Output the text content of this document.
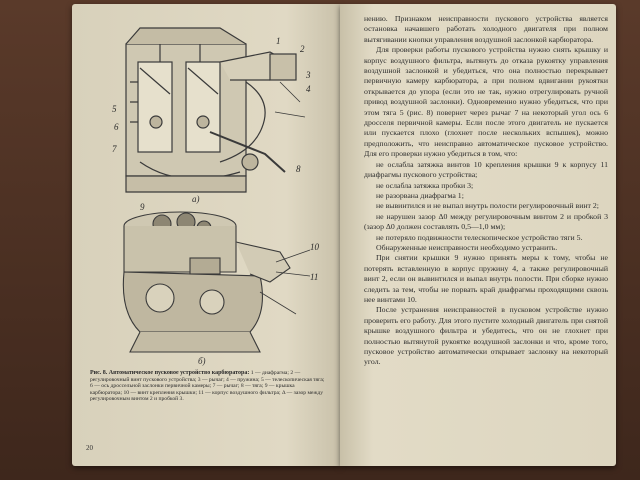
1
2
3
4
5
6
7
8
а)
9
10
11
б)
Рис. 8. Автоматическое пусковое устройство карбюратора: 1 — диафрагма; 2 — регулировочный винт пускового устройства; 3 — рычаг; 4 — пружина; 5 — телескопическая тяга; 6 — ось дроссельной заслонки первичной камеры; 7 — рычаг; 8 — тяга; 9 — крышка карбюратора; 10 — винт крепления крышки; 11 — корпус воздушного фильтра; Δ — зазор между регулировочным винтом 2 и пробкой 3.
20

нению. Признаком неисправности пускового устройства является остановка начавшего работать холодного двигателя при полном вытягивании кнопки управления воздушной заслонкой карбюратора.

Для проверки работы пускового устройства нужно снять крышку и корпус воздушного фильтра, вытянуть до отказа рукоятку управления воздушной заслонкой и убедиться, что она полностью перекрывает первичную камеру карбюратора, а при полном вдвигании рукоятки открывается до упора (если это не так, нужно отрегулировать ручной привод воздушной заслонки). Одновременно нужно убедиться, что при этом тяга 5 (рис. 8) повернет через рычаг 7 на некоторый угол ось 6 дросселя первичной камеры. Если после этого двигатель не пускается или пускается плохо (глохнет после нескольких вспышек), можно предположить, что неисправно автоматическое пусковое устройство. Для его проверки нужно убедиться в том, что:

не ослабла затяжка винтов 10 крепления крышки 9 к корпусу 11 диафрагмы пускового устройства;

не ослабла затяжка пробки 3;

не разорвана диафрагма 1;

не вывинтился и не выпал внутрь полости регулировочный винт 2;

не нарушен зазор Δ0 между регулировочным винтом 2 и пробкой 3 (зазор Δ0 должен составлять 0,5—1,0 мм);

не потеряло подвижности телескопическое устройство тяги 5.

Обнаруженные неисправности необходимо устранить.

При снятии крышки 9 нужно принять меры к тому, чтобы не потерять вставленную в корпус пружину 4, а также регулировочный винт 2, если он вывинтился и выпал внутрь полости. При сборке нужно следить за тем, чтобы не порвать край диафрагмы проходящими сквозь нее винтами 10.

После устранения неисправностей в пусковом устройстве нужно проверить его работу. Для этого пустите холодный двигатель при снятой крышке воздушного фильтра и убедитесь, что он не глохнет при полностью вытянутой рукоятке воздушной заслонки и что, кроме того, пусковое устройство автоматически открывает заслонку на некоторый угол.
